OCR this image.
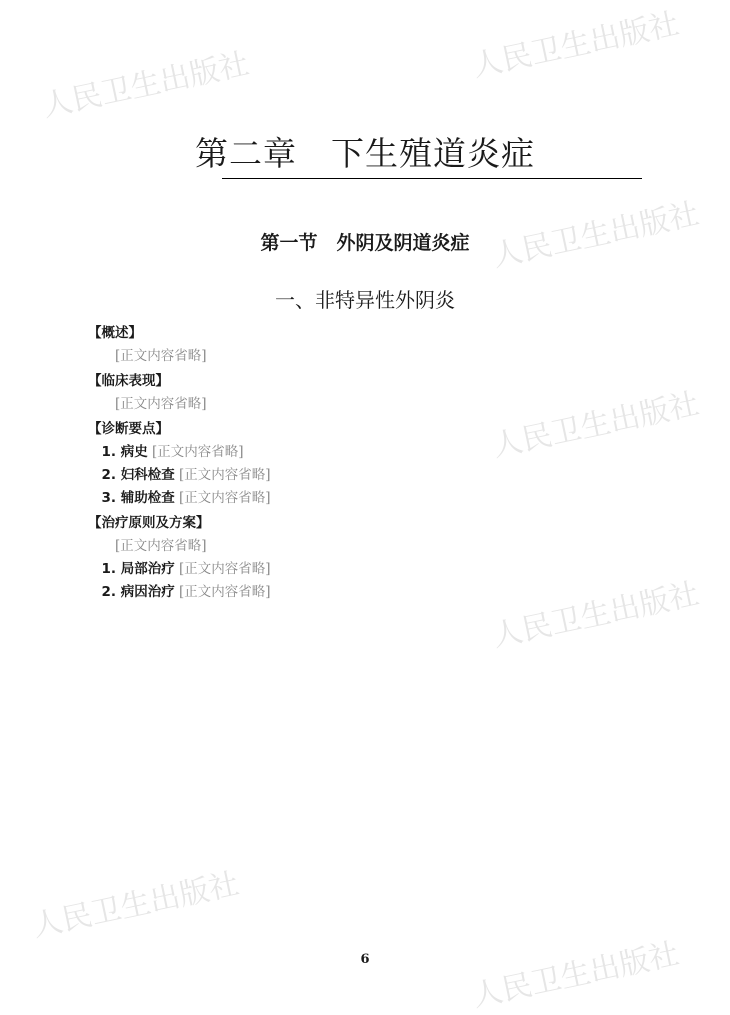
人民卫生出版社
人民卫生出版社
人民卫生出版社
人民卫生出版社
人民卫生出版社
人民卫生出版社
人民卫生出版社
第二章　下生殖道炎症
第一节　外阴及阴道炎症
一、非特异性外阴炎

【概述】

[正文内容省略]

【临床表现】

[正文内容省略]

【诊断要点】

1. 病史 [正文内容省略]

2. 妇科检查 [正文内容省略]

3. 辅助检查 [正文内容省略]

【治疗原则及方案】

[正文内容省略]

1. 局部治疗 [正文内容省略]

2. 病因治疗 [正文内容省略]

6
